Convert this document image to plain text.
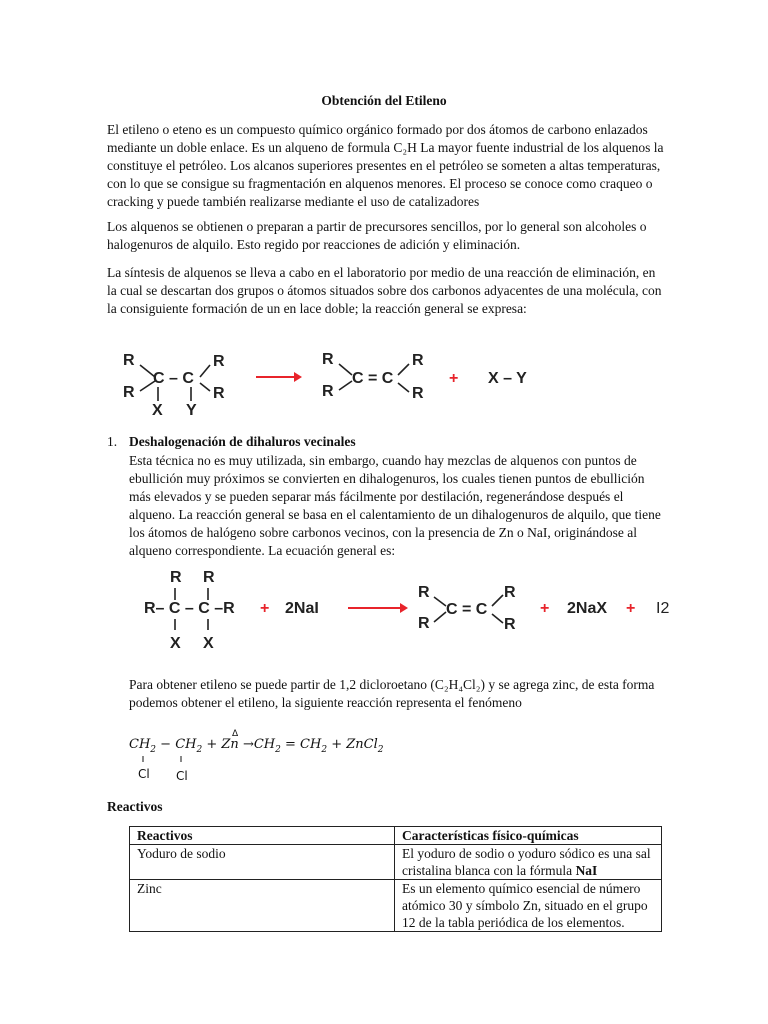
Obtención del Etileno

El etileno o eteno es un compuesto químico orgánico formado por dos átomos de carbono enlazados mediante un doble enlace. Es un alqueno de formula C₂H La mayor fuente industrial de los alquenos la constituye el petróleo. Los alcanos superiores presentes en el petróleo se someten a altas temperaturas, con lo que se consigue su fragmentación en alquenos menores. El proceso se conoce como craqueo o cracking y puede también realizarse mediante el uso de catalizadores

Los alquenos se obtienen o preparan a partir de precursores sencillos, por lo general son alcoholes o halogenuros de alquilo. Esto regido por reacciones de adición y eliminación.

La síntesis de alquenos se lleva a cabo en el laboratorio por medio de una reacción de eliminación, en la cual se descartan dos grupos o átomos situados sobre dos carbonos adyacentes de una molécula, con la consiguiente formación de un en lace doble; la reacción general se expresa:

R
R
C – C
R
R
X Y
R
R
C = C
R
R
+ X – Y
1. Deshalogenación de dihaluros vecinales

Esta técnica no es muy utilizada, sin embargo, cuando hay mezclas de alquenos con puntos de ebullición muy próximos se convierten en dihalogenuros, los cuales tienen puntos de ebullición más elevados y se pueden separar más fácilmente por destilación, regenerándose después el alqueno. La reacción general se basa en el calentamiento de un dihalogenuros de alquilo, que tiene los átomos de halógeno sobre carbonos vecinos, con la presencia de Zn o NaI, originándose al alqueno correspondiente. La ecuación general es:

R R
R– C – C –R
X X
+ 2NaI
R
R
C = C
R
R
+ 2NaX + I2

Para obtener etileno se puede partir de 1,2 dicloroetano (C₂H₄Cl₂) y se agrega zinc, de esta forma podemos obtener el etileno, la siguiente reacción representa el fenómeno

$CH_2 - CH_2 + Zn \to CH_2 = CH_2$ + ZnCl$_2$
Δ
Cl Cl
Reactivos
Reactivos	Características físico-químicas
Yoduro de sodio	El yoduro de sodio o yoduro sódico es una sal cristalina blanca con la fórmula NaI
Zinc	Es un elemento químico esencial de número atómico 30 y símbolo Zn, situado en el grupo 12 de la tabla periódica de los elementos.
